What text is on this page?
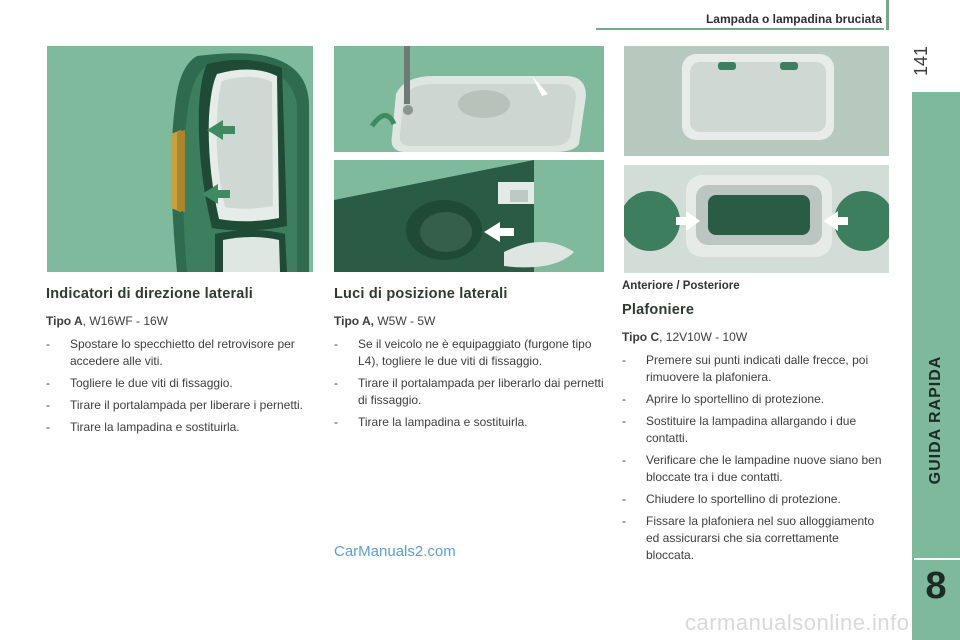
Lampada o lampadina bruciata
141
GUIDA RAPIDA
8
Anteriore / Posteriore
Indicatori di direzione laterali
Tipo A, W16WF - 16W
- Spostare lo specchietto del retrovisore per accedere alle viti.
- Togliere le due viti di fissaggio.
- Tirare il portalampada per liberare i pernetti.
- Tirare la lampadina e sostituirla.
Luci di posizione laterali
Tipo A, W5W - 5W
- Se il veicolo ne è equipaggiato (furgone tipo L4), togliere le due viti di fissaggio.
- Tirare il portalampada per liberarlo dai pernetti di fissaggio.
- Tirare la lampadina e sostituirla.
Plafoniere
Tipo C, 12V10W - 10W
- Premere sui punti indicati dalle frecce, poi rimuovere la plafoniera.
- Aprire lo sportellino di protezione.
- Sostituire la lampadina allargando i due contatti.
- Verificare che le lampadine nuove siano ben bloccate tra i due contatti.
- Chiudere lo sportellino di protezione.
- Fissare la plafoniera nel suo alloggiamento ed assicurarsi che sia correttamente bloccata.
CarManuals2.com
carmanualsonline.info
